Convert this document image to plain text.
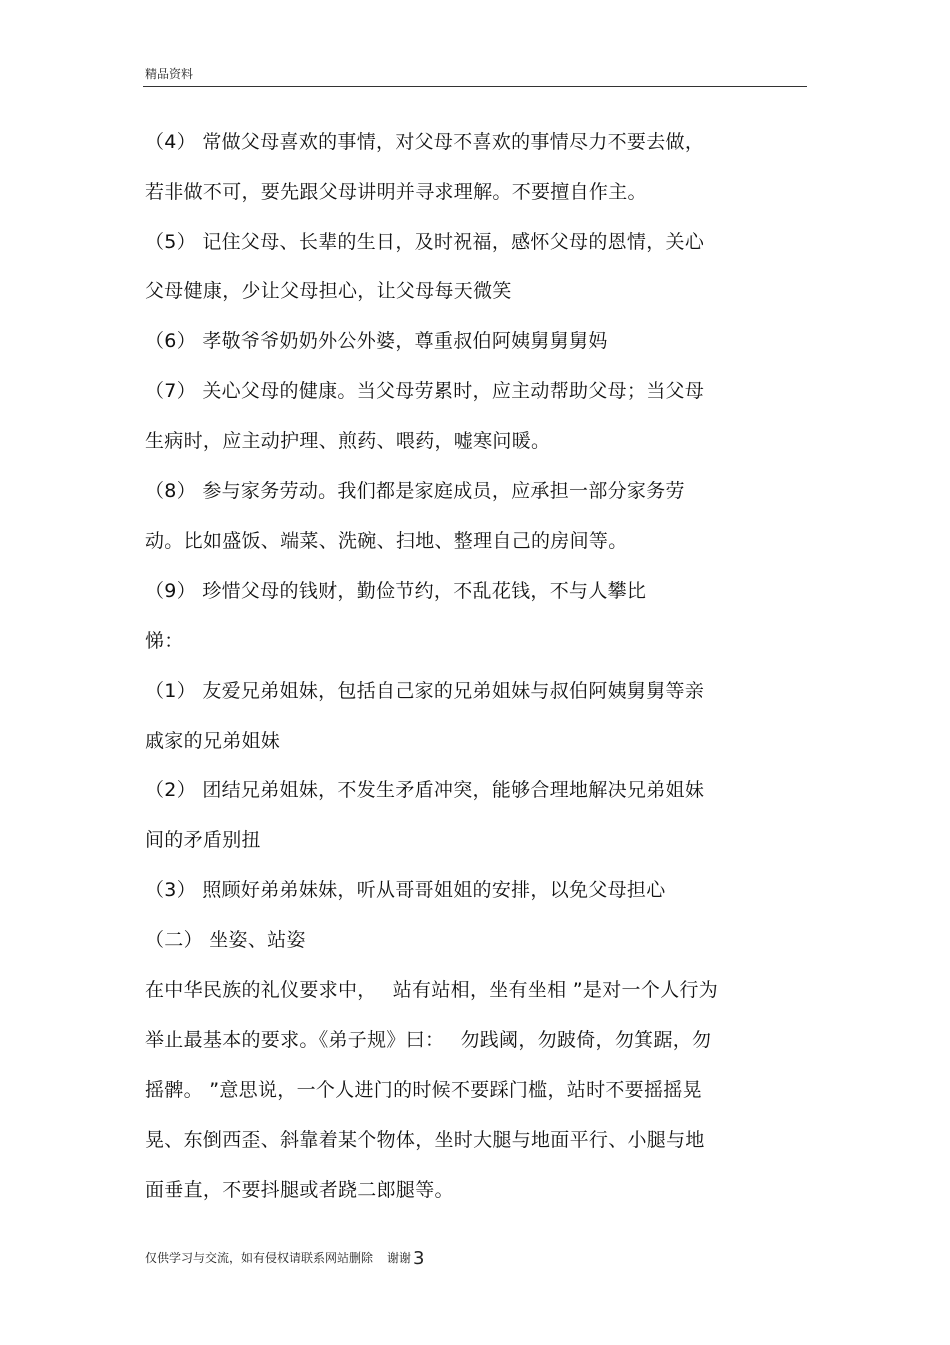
精品资料
（4） 常做父母喜欢的事情，对父母不喜欢的事情尽力不要去做，
若非做不可，要先跟父母讲明并寻求理解。不要擅自作主。
（5） 记住父母、长辈的生日，及时祝福，感怀父母的恩情，关心
父母健康，少让父母担心，让父母每天微笑
（6） 孝敬爷爷奶奶外公外婆，尊重叔伯阿姨舅舅舅妈
（7） 关心父母的健康。当父母劳累时，应主动帮助父母；当父母
生病时，应主动护理、煎药、喂药，嘘寒问暖。
（8） 参与家务劳动。我们都是家庭成员，应承担一部分家务劳
动。比如盛饭、端菜、洗碗、扫地、整理自己的房间等。
（9） 珍惜父母的钱财，勤俭节约，不乱花钱，不与人攀比
悌：
（1） 友爱兄弟姐妹，包括自己家的兄弟姐妹与叔伯阿姨舅舅等亲
戚家的兄弟姐妹
（2） 团结兄弟姐妹，不发生矛盾冲突，能够合理地解决兄弟姐妹
间的矛盾别扭
（3） 照顾好弟弟妹妹，听从哥哥姐姐的安排，以免父母担心
（二） 坐姿、站姿
在中华民族的礼仪要求中，　 站有站相，坐有坐相 ”是对一个人行为
举止最基本的要求。《弟子规》曰：　 勿践阈，勿跛倚，勿箕踞，勿
摇髀。 ”意思说，一个人进门的时候不要踩门槛，站时不要摇摇晃
晃、东倒西歪、斜靠着某个物体，坐时大腿与地面平行、小腿与地
面垂直，不要抖腿或者跷二郎腿等。
仅供学习与交流，如有侵权请联系网站删除 谢谢 3
